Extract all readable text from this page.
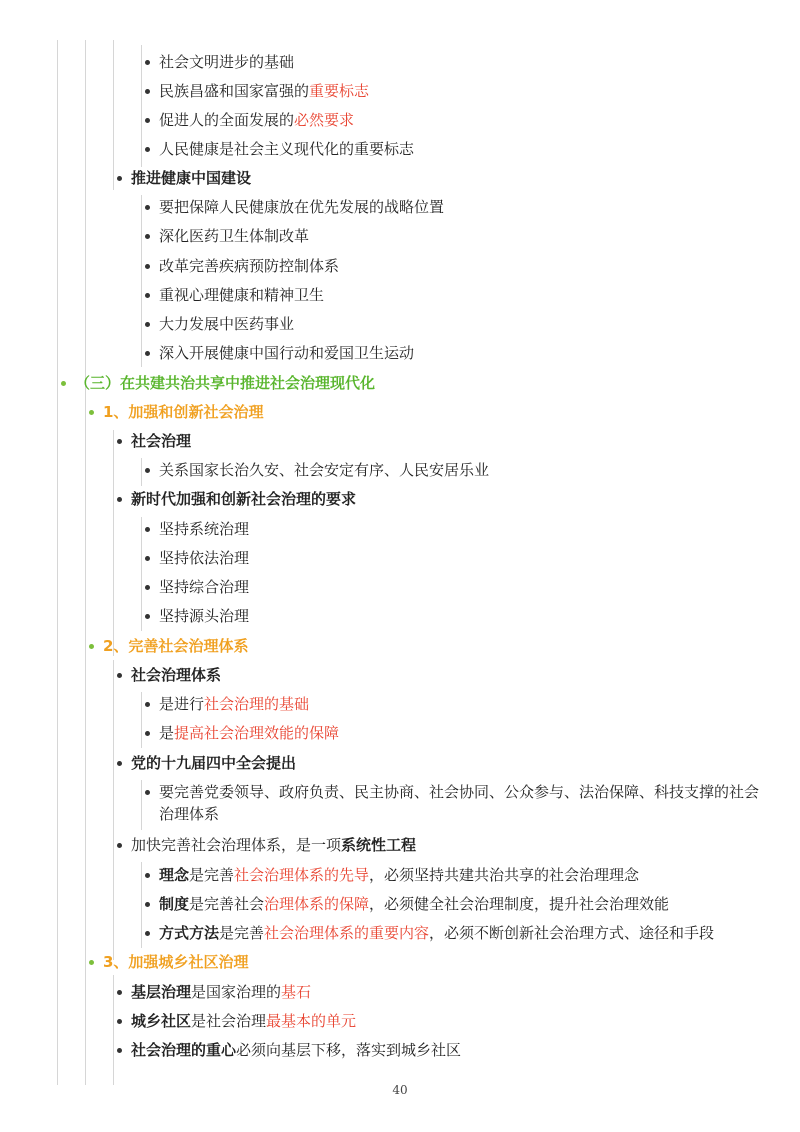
社会文明进步的基础
民族昌盛和国家富强的重要标志
促进人的全面发展的必然要求
人民健康是社会主义现代化的重要标志
推进健康中国建设
要把保障人民健康放在优先发展的战略位置
深化医药卫生体制改革
改革完善疾病预防控制体系
重视心理健康和精神卫生
大力发展中医药事业
深入开展健康中国行动和爱国卫生运动
（三）在共建共治共享中推进社会治理现代化
1、加强和创新社会治理
社会治理
关系国家长治久安、社会安定有序、人民安居乐业
新时代加强和创新社会治理的要求
坚持系统治理
坚持依法治理
坚持综合治理
坚持源头治理
2、完善社会治理体系
社会治理体系
是进行社会治理的基础
是提高社会治理效能的保障
党的十九届四中全会提出
要完善党委领导、政府负责、民主协商、社会协同、公众参与、法治保障、科技支撑的社会治理体系
加快完善社会治理体系，是一项系统性工程
理念是完善社会治理体系的先导，必须坚持共建共治共享的社会治理理念
制度是完善社会治理体系的保障，必须健全社会治理制度，提升社会治理效能
方式方法是完善社会治理体系的重要内容，必须不断创新社会治理方式、途径和手段
3、加强城乡社区治理
基层治理是国家治理的基石
城乡社区是社会治理最基本的单元
社会治理的重心必须向基层下移，落实到城乡社区
40
